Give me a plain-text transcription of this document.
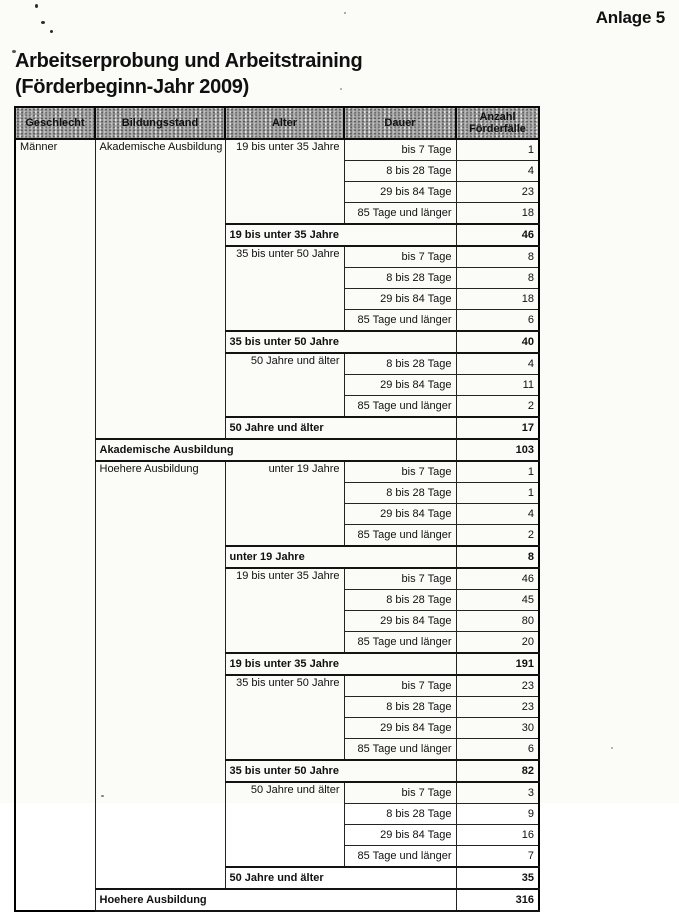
Anlage 5
Arbeitserprobung und Arbeitstraining
(Förderbeginn-Jahr 2009)
Geschlecht	Bildungsstand	Alter	Dauer	Anzahl Förderfälle
Männer	Akademische Ausbildung	19 bis unter 35 Jahre	bis 7 Tage	1
			8 bis 28 Tage	4
			29 bis 84 Tage	23
			85 Tage und länger	18
		19 bis unter 35 Jahre		46
		35 bis unter 50 Jahre	bis 7 Tage	8
			8 bis 28 Tage	8
			29 bis 84 Tage	18
			85 Tage und länger	6
		35 bis unter 50 Jahre		40
		50 Jahre und älter	8 bis 28 Tage	4
			29 bis 84 Tage	11
			85 Tage und länger	2
		50 Jahre und älter		17
	Akademische Ausbildung			103
	Hoehere Ausbildung	unter 19 Jahre	bis 7 Tage	1
			8 bis 28 Tage	1
			29 bis 84 Tage	4
			85 Tage und länger	2
		unter 19 Jahre		8
		19 bis unter 35 Jahre	bis 7 Tage	46
			8 bis 28 Tage	45
			29 bis 84 Tage	80
			85 Tage und länger	20
		19 bis unter 35 Jahre		191
		35 bis unter 50 Jahre	bis 7 Tage	23
			8 bis 28 Tage	23
			29 bis 84 Tage	30
			85 Tage und länger	6
		35 bis unter 50 Jahre		82
		50 Jahre und älter	bis 7 Tage	3
			8 bis 28 Tage	9
			29 bis 84 Tage	16
			85 Tage und länger	7
		50 Jahre und älter		35
	Hoehere Ausbildung			316
